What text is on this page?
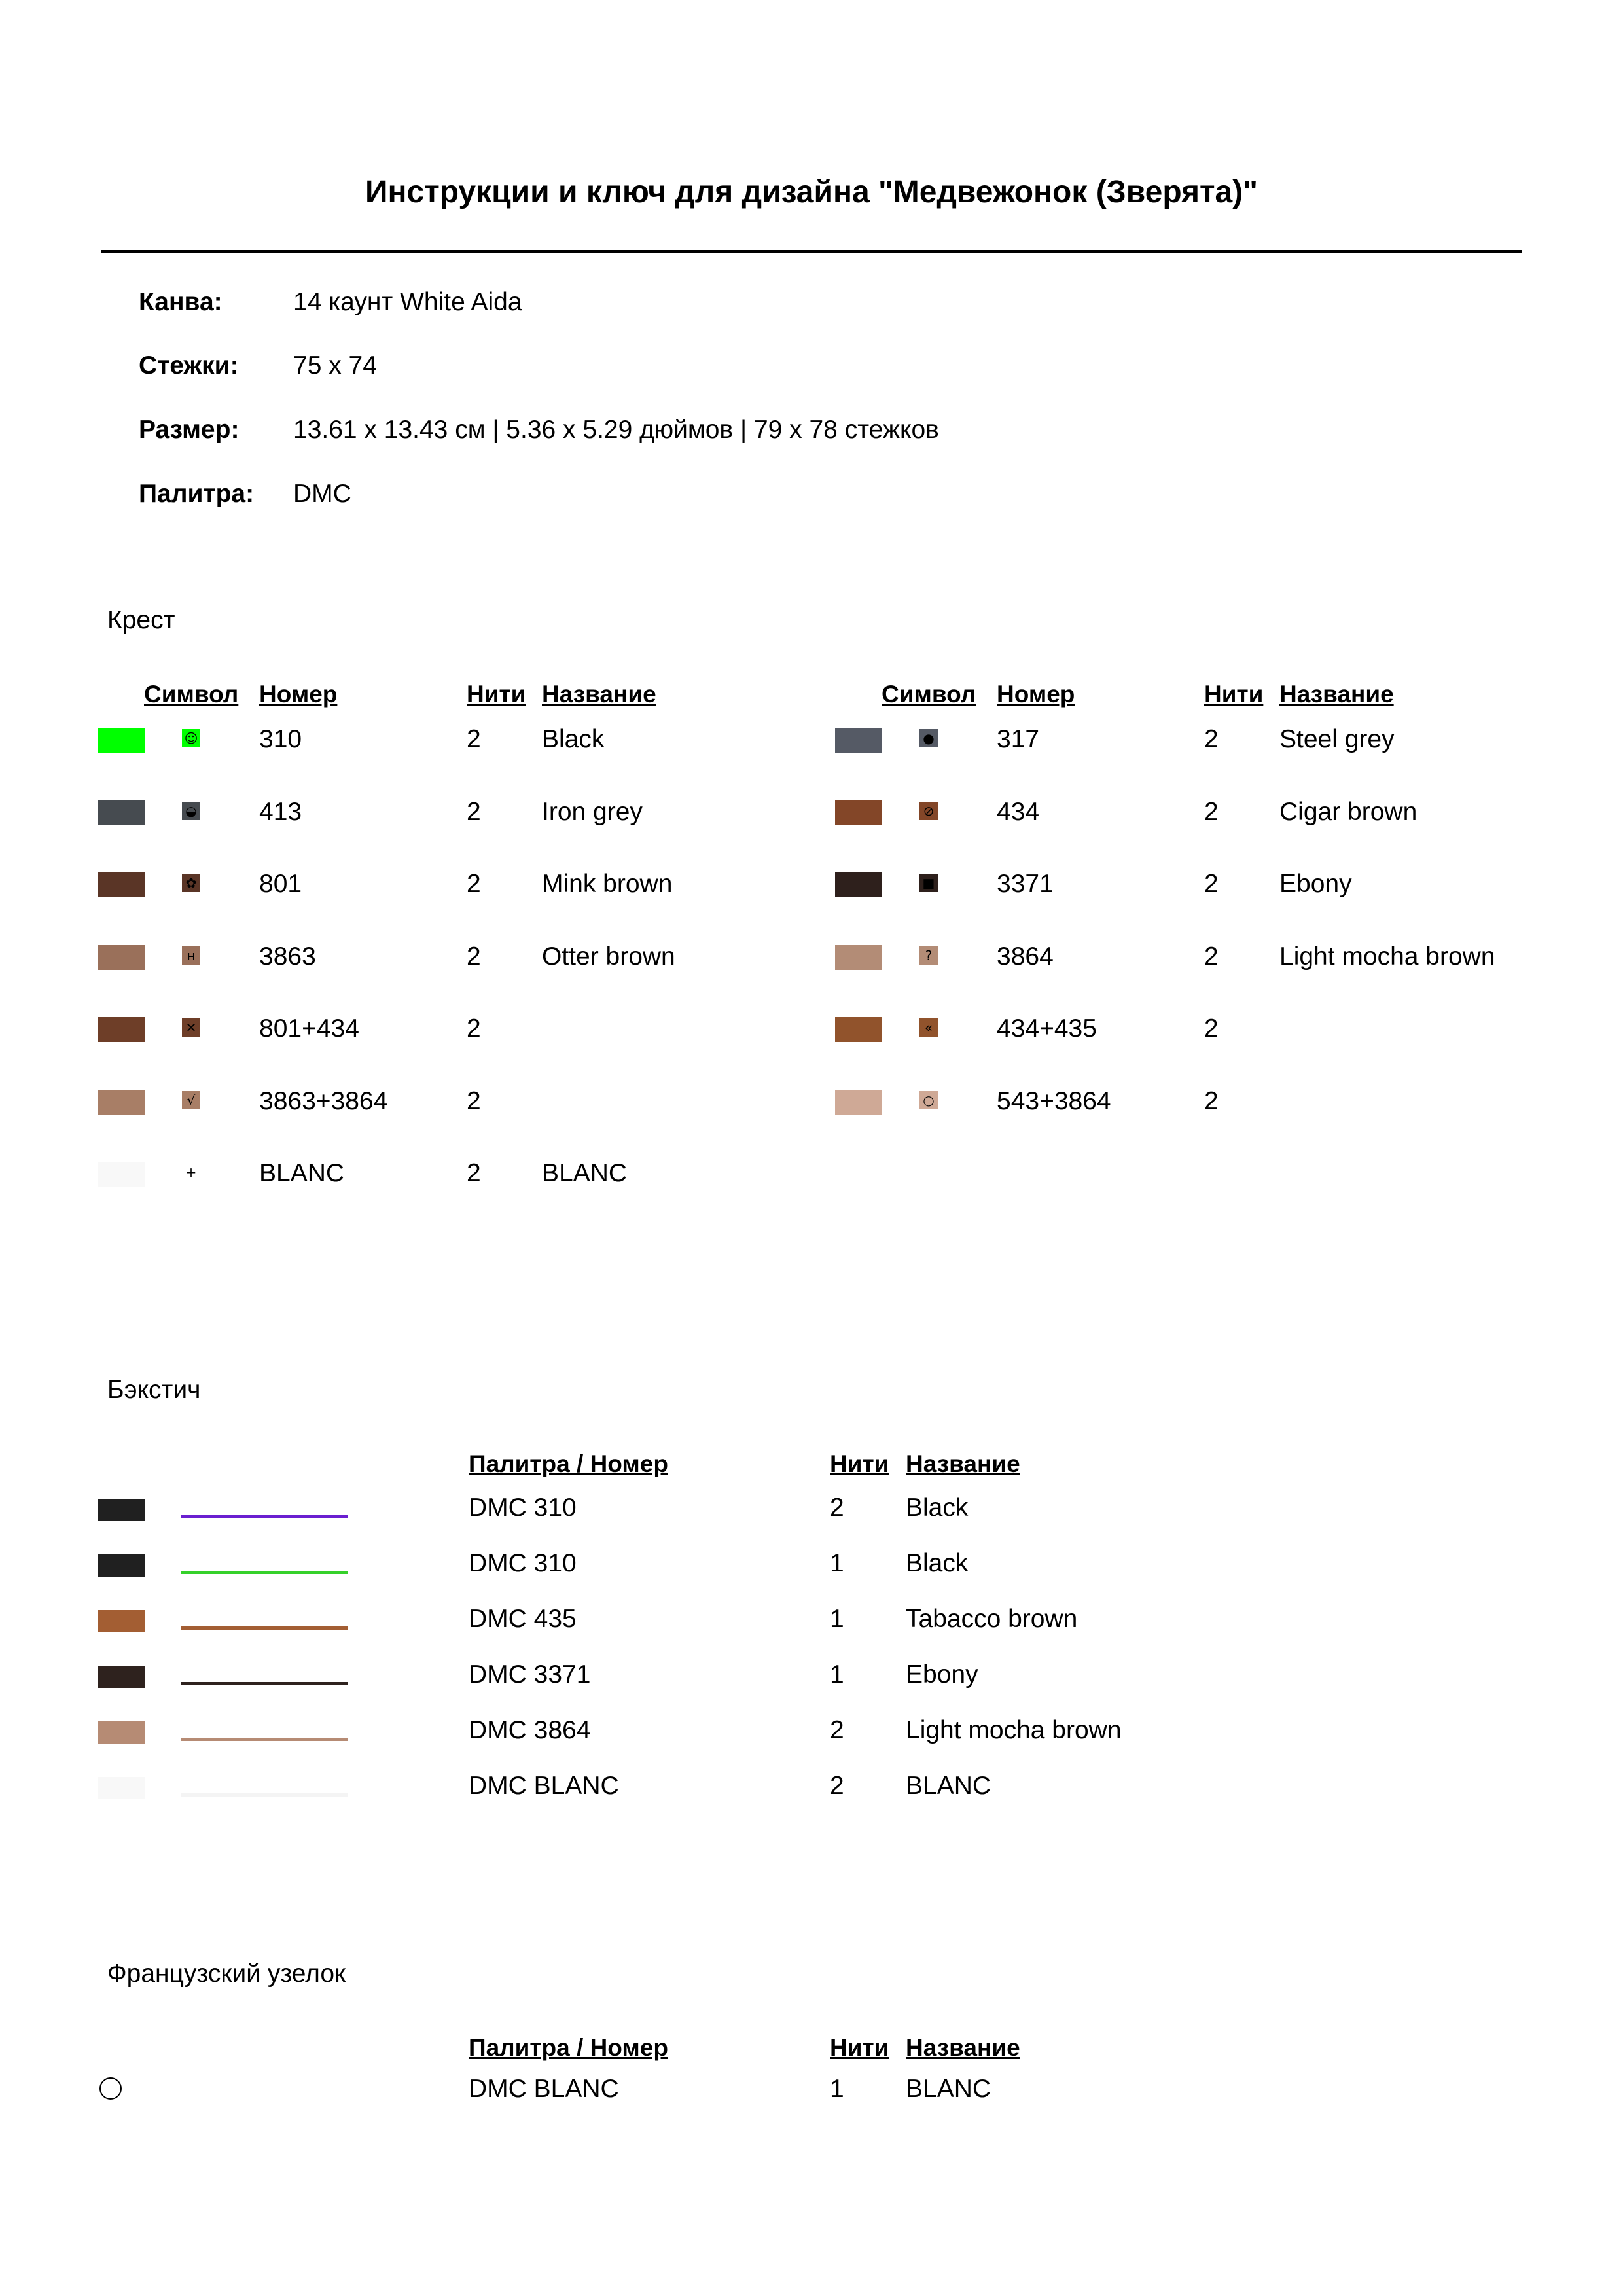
Инструкции и ключ для дизайна "Медвежонок (Зверята)"
Канва:	14 каунт White Aida
Стежки: 75 x 74
Размер: 13.61 x 13.43 см | 5.36 x 5.29 дюймов | 79 x 78 стежков
Палитра: DMC
Крест
Символ Номер	Нити Название	Символ Номер	Нити Название
☺ 310	2 Black
◒ 413	2 Iron grey
✿ 801	2 Mink brown
н 3863	2 Otter brown
✕ 801+434	2
√	3863+3864	2
+ BLANC	2 BLANC
● 317	2 Steel grey
⊘ 434	2 Cigar brown
■ 3371	2 Ebony
?	3864	2 Light mocha brown
«	434+435	2
○ 543+3864	2
Бэкстич
Палитра / Номер	Нити Название
DMC 310	2 Black
DMC 310	1 Black
DMC 435	1 Tabacco brown
DMC 3371	1 Ebony
DMC 3864	2 Light mocha brown
DMC BLANC	2 BLANC
Французский узелок
Палитра / Номер	Нити Название
DMC BLANC	1 BLANC
